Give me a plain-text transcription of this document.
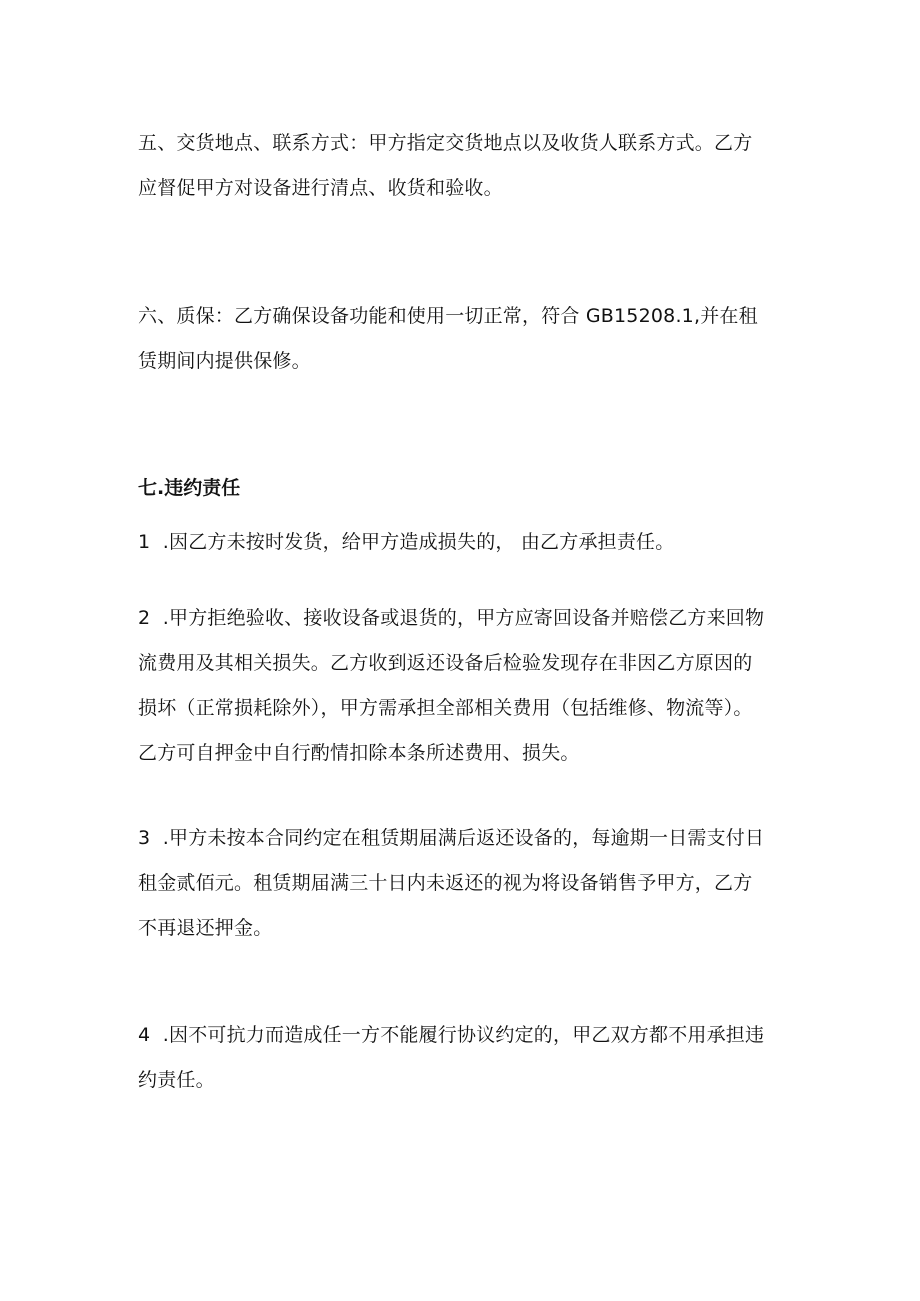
五、交货地点、联系方式：甲方指定交货地点以及收货人联系方式。乙方
应督促甲方对设备进行清点、收货和验收。
六、质保：乙方确保设备功能和使用一切正常，符合 GB15208.1,并在租
赁期间内提供保修。
七.违约责任
1  .因乙方未按时发货，给甲方造成损失的， 由乙方承担责任。
2  .甲方拒绝验收、接收设备或退货的，甲方应寄回设备并赔偿乙方来回物
流费用及其相关损失。乙方收到返还设备后检验发现存在非因乙方原因的
损坏（正常损耗除外），甲方需承担全部相关费用（包括维修、物流等）。
乙方可自押金中自行酌情扣除本条所述费用、损失。
3  .甲方未按本合同约定在租赁期届满后返还设备的，每逾期一日需支付日
租金贰佰元。租赁期届满三十日内未返还的视为将设备销售予甲方，乙方
不再退还押金。
4  .因不可抗力而造成任一方不能履行协议约定的，甲乙双方都不用承担违
约责任。
